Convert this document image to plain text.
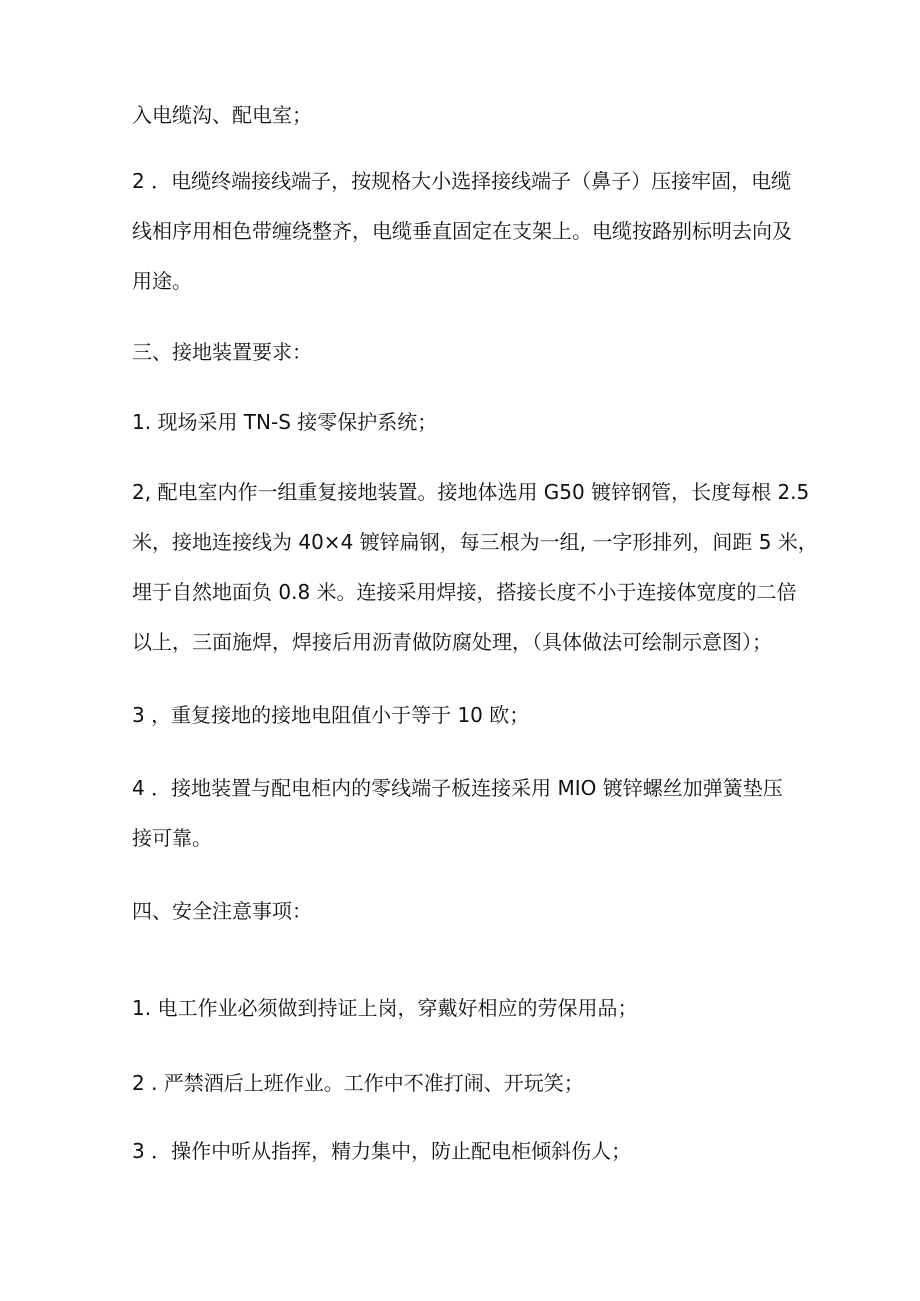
入电缆沟、配电室；

2 ．电缆终端接线端子，按规格大小选择接线端子（鼻子）压接牢固，电缆
线相序用相色带缠绕整齐，电缆垂直固定在支架上。电缆按路别标明去向及
用途。

三、接地装置要求：

1. 现场采用 TN-S 接零保护系统；

2, 配电室内作一组重复接地装置。接地体选用 G50 镀锌钢管，长度每根 2.5
米，接地连接线为 40×4 镀锌扁钢，每三根为一组, 一字形排列，间距 5 米，
埋于自然地面负 0.8 米。连接采用焊接，搭接长度不小于连接体宽度的二倍
以上，三面施焊，焊接后用沥青做防腐处理，（具体做法可绘制示意图）；

3 ，重复接地的接地电阻值小于等于 10 欧；

4 ．接地装置与配电柜内的零线端子板连接采用 MIO 镀锌螺丝加弹簧垫压
接可靠。

四、安全注意事项：

1. 电工作业必须做到持证上岗，穿戴好相应的劳保用品；

2 . 严禁酒后上班作业。工作中不准打闹、开玩笑；

3 ．操作中听从指挥，精力集中，防止配电柜倾斜伤人；
